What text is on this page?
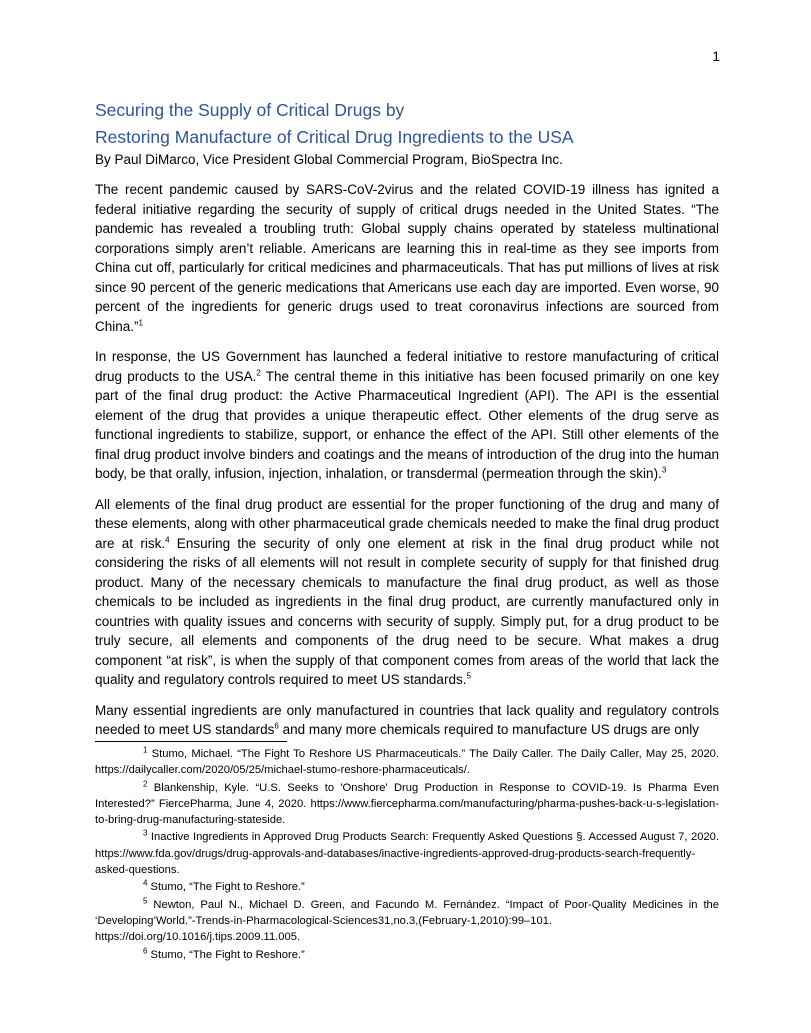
1
Securing the Supply of Critical Drugs by
Restoring Manufacture of Critical Drug Ingredients to the USA

By Paul DiMarco, Vice President Global Commercial Program, BioSpectra Inc.

The recent pandemic caused by SARS-CoV-2virus and the related COVID-19 illness has ignited a federal initiative regarding the security of supply of critical drugs needed in the United States. “The pandemic has revealed a troubling truth: Global supply chains operated by stateless multinational corporations simply aren’t reliable. Americans are learning this in real-time as they see imports from China cut off, particularly for critical medicines and pharmaceuticals. That has put millions of lives at risk since 90 percent of the generic medications that Americans use each day are imported. Even worse, 90 percent of the ingredients for generic drugs used to treat coronavirus infections are sourced from China.”$^1$

In response, the US Government has launched a federal initiative to restore manufacturing of critical drug products to the USA.$^2$ The central theme in this initiative has been focused primarily on one key part of the final drug product: the Active Pharmaceutical Ingredient (API). The API is the essential element of the drug that provides a unique therapeutic effect. Other elements of the drug serve as functional ingredients to stabilize, support, or enhance the effect of the API. Still other elements of the final drug product involve binders and coatings and the means of introduction of the drug into the human body, be that orally, infusion, injection, inhalation, or transdermal (permeation through the skin).$^3$

All elements of the final drug product are essential for the proper functioning of the drug and many of these elements, along with other pharmaceutical grade chemicals needed to make the final drug product are at risk.$^4$ Ensuring the security of only one element at risk in the final drug product while not considering the risks of all elements will not result in complete security of supply for that finished drug product. Many of the necessary chemicals to manufacture the final drug product, as well as those chemicals to be included as ingredients in the final drug product, are currently manufactured only in countries with quality issues and concerns with security of supply. Simply put, for a drug product to be truly secure, all elements and components of the drug need to be secure. What makes a drug component “at risk”, is when the supply of that component comes from areas of the world that lack the quality and regulatory controls required to meet US standards.$^5$

Many essential ingredients are only manufactured in countries that lack quality and regulatory controls needed to meet US standards$^6$ and many more chemicals required to manufacture US drugs are only

$^1$ Stumo, Michael. “The Fight To Reshore US Pharmaceuticals.” The Daily Caller. The Daily Caller, May 25, 2020. https://dailycaller.com/2020/05/25/michael-stumo-reshore-pharmaceuticals/.

$^2$ Blankenship, Kyle. “U.S. Seeks to 'Onshore' Drug Production in Response to COVID-19. Is Pharma Even Interested?” FiercePharma, June 4, 2020. https://www.fiercepharma.com/manufacturing/pharma-pushes-back-u-s-legislation-to-bring-drug-manufacturing-stateside.

$^3$ Inactive Ingredients in Approved Drug Products Search: Frequently Asked Questions §. Accessed August 7, 2020. https://www.fda.gov/drugs/drug-approvals-and-databases/inactive-ingredients-approved-drug-products-search-frequently-asked-questions.

$^4$ Stumo, “The Fight to Reshore.”

$^5$ Newton, Paul N., Michael D. Green, and Facundo M. Fernández. “Impact of Poor-Quality Medicines in the ‘Developing’World.”-Trends-in-Pharmacological-Sciences31,no.3,(February-1,2010):99–101. https://doi.org/10.1016/j.tips.2009.11.005.

$^6$ Stumo, “The Fight to Reshore.”
